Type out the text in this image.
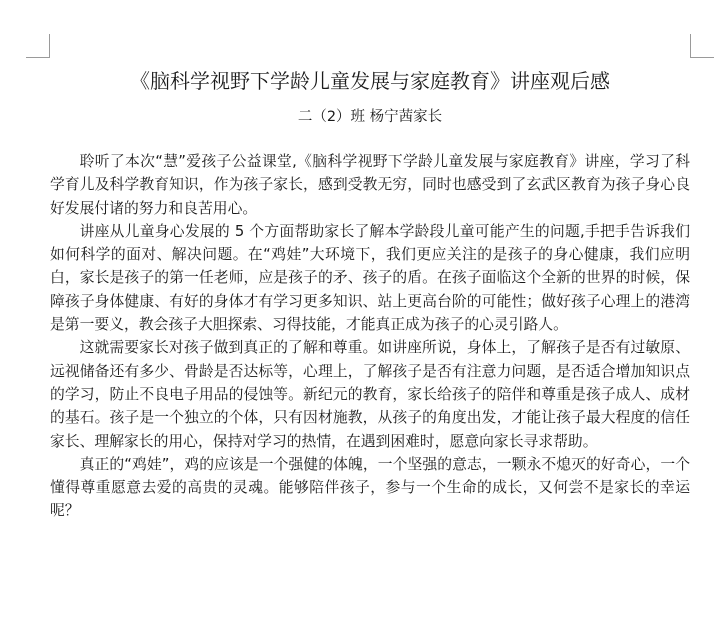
《脑科学视野下学龄儿童发展与家庭教育》讲座观后感
二（2）班 杨宁茜家长

聆听了本次“慧”爱孩子公益课堂,《脑科学视野下学龄儿童发展与家庭教育》讲座，学习了科学育儿及科学教育知识，作为孩子家长，感到受教无穷，同时也感受到了玄武区教育为孩子身心良好发展付诸的努力和良苦用心。

讲座从儿童身心发展的 5 个方面帮助家长了解本学龄段儿童可能产生的问题,手把手告诉我们如何科学的面对、解决问题。在“鸡娃”大环境下，我们更应关注的是孩子的身心健康，我们应明白，家长是孩子的第一任老师，应是孩子的矛、孩子的盾。在孩子面临这个全新的世界的时候，保障孩子身体健康、有好的身体才有学习更多知识、站上更高台阶的可能性；做好孩子心理上的港湾是第一要义，教会孩子大胆探索、习得技能，才能真正成为孩子的心灵引路人。

这就需要家长对孩子做到真正的了解和尊重。如讲座所说，身体上，了解孩子是否有过敏原、远视储备还有多少、骨龄是否达标等，心理上，了解孩子是否有注意力问题，是否适合增加知识点的学习，防止不良电子用品的侵蚀等。新纪元的教育，家长给孩子的陪伴和尊重是孩子成人、成材的基石。孩子是一个独立的个体，只有因材施教，从孩子的角度出发，才能让孩子最大程度的信任家长、理解家长的用心，保持对学习的热情，在遇到困难时，愿意向家长寻求帮助。

真正的“鸡娃”，鸡的应该是一个强健的体魄，一个坚强的意志，一颗永不熄灭的好奇心，一个懂得尊重愿意去爱的高贵的灵魂。能够陪伴孩子，参与一个生命的成长，又何尝不是家长的幸运呢？
